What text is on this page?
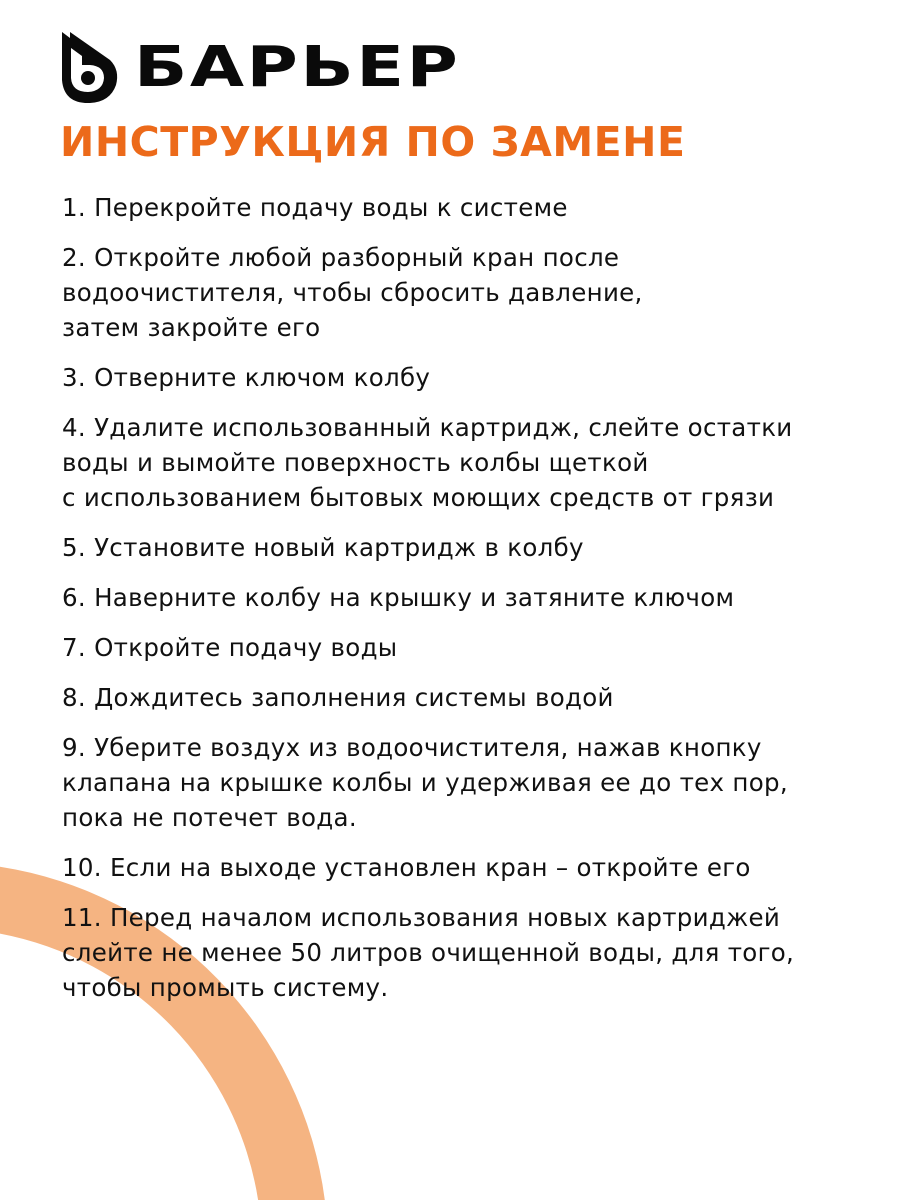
БАРЬЕР
ИНСТРУКЦИЯ ПО ЗАМЕНЕ
1. Перекройте подачу воды к системе
2. Откройте любой разборный кран после
водоочистителя, чтобы сбросить давление,
затем закройте его
3. Отверните ключом колбу
4. Удалите использованный картридж, слейте остатки
воды и вымойте поверхность колбы щеткой
с использованием бытовых моющих средств от грязи
5. Установите новый картридж в колбу
6. Наверните колбу на крышку и затяните ключом
7. Откройте подачу воды
8. Дождитесь заполнения системы водой
9. Уберите воздух из водоочистителя, нажав кнопку
клапана на крышке колбы и удерживая ее до тех пор,
пока не потечет вода.
10. Если на выходе установлен кран – откройте его
11. Перед началом использования новых картриджей
слейте не менее 50 литров очищенной воды, для того,
чтобы промыть систему.
